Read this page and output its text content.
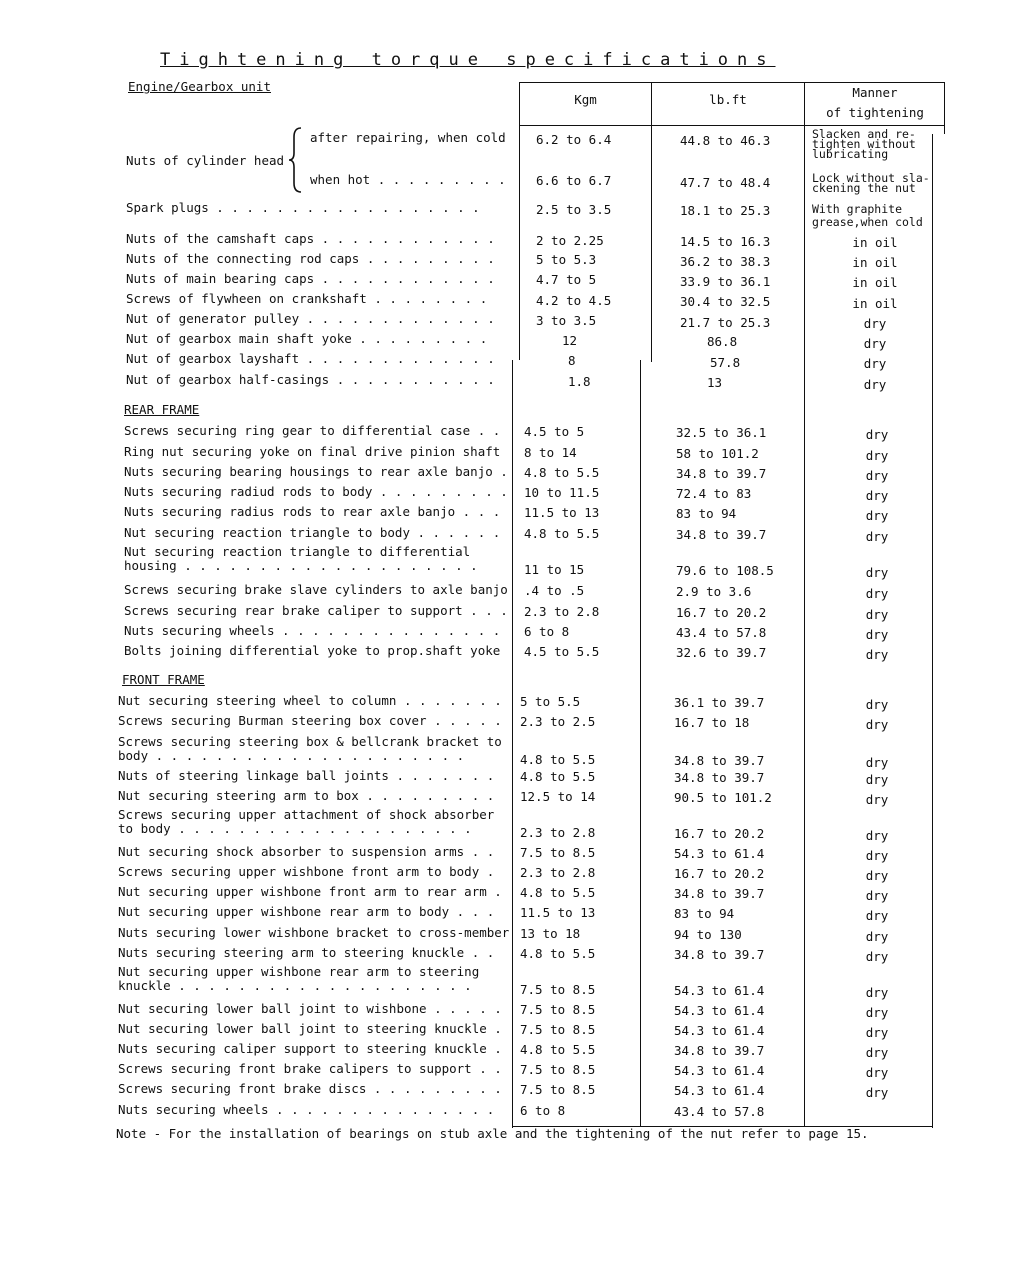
Tightening torque specifications
Engine/Gearbox unit
Kgm	lb.ft	Manner
of tightening
Nuts of cylinder head
after repairing, when cold 6.2 to 6.4	44.8 to 46.3	Slacken and re- tighten without lubricating
when hot . . . . . . . . . 6.6 to 6.7	47.7 to 48.4	Lock without sla- ckening the nut
Spark plugs . . . . . . . . . . . . . . . . . .	2.5 to 3.5	18.1 to 25.3	With graphite grease,when cold
Nuts of the camshaft caps . . . . . . . . . . . .	2 to 2.25	14.5 to 16.3	in oil
Nuts of the connecting rod caps . . . . . . . . .	5 to 5.3	36.2 to 38.3	in oil
Nuts of main bearing caps . . . . . . . . . . . .	4.7 to 5	33.9 to 36.1	in oil
Screws of flywheen on crankshaft . . . . . . . .	4.2 to 4.5	30.4 to 32.5	in oil
Nut of generator pulley . . . . . . . . . . . . .	3 to 3.5	21.7 to 25.3	dry
Nut of gearbox main shaft yoke . . . . . . . . .	12	86.8	dry
Nut of gearbox layshaft . . . . . . . . . . . . .	8	57.8	dry
Nut of gearbox half-casings . . . . . . . . . . .	1.8	13	dry
REAR FRAME
FRONT FRAME
Note - For the installation of bearings on stub axle and the tightening of the nut refer to page 15.
Screws securing ring gear to differential case . . 4.5 to 5	32.5 to 36.1	dry
Ring nut securing yoke on final drive pinion shaft 8 to 14	58 to 101.2	dry
Nuts securing bearing housings to rear axle banjo . 4.8 to 5.5	34.8 to 39.7	dry
Nuts securing radiud rods to body . . . . . . . . . 10 to 11.5	72.4 to 83	dry
Nuts securing radius rods to rear axle banjo . . . 11.5 to 13	83 to 94	dry
Nut securing reaction triangle to body . . . . . . 4.8 to 5.5	34.8 to 39.7	dry
Nut securing reaction triangle to differential
housing . . . . . . . . . . . . . . . . . . . .	11 to 15	79.6 to 108.5	dry
Screws securing brake slave cylinders to axle banjo .4 to .5	2.9 to 3.6	dry
Screws securing rear brake caliper to support . . . 2.3 to 2.8	16.7 to 20.2	dry
Nuts securing wheels . . . . . . . . . . . . . . . 6 to 8	43.4 to 57.8	dry
Bolts joining differential yoke to prop.shaft yoke 4.5 to 5.5	32.6 to 39.7	dry
Nut securing steering wheel to column . . . . . . . 5 to 5.5	36.1 to 39.7	dry
Screws securing Burman steering box cover . . . . . 2.3 to 2.5	16.7 to 18	dry
Screws securing steering box & bellcrank bracket to
body . . . . . . . . . . . . . . . . . . . . .	4.8 to 5.5	34.8 to 39.7	dry
Nuts of steering linkage ball joints . . . . . . . 4.8 to 5.5	34.8 to 39.7	dry
Nut securing steering arm to box . . . . . . . . . 12.5 to 14	90.5 to 101.2	dry
Screws securing upper attachment of shock absorber
to body . . . . . . . . . . . . . . . . . . . .	2.3 to 2.8	16.7 to 20.2	dry
Nut securing shock absorber to suspension arms . . 7.5 to 8.5	54.3 to 61.4	dry
Screws securing upper wishbone front arm to body . 2.3 to 2.8	16.7 to 20.2	dry
Nut securing upper wishbone front arm to rear arm . 4.8 to 5.5	34.8 to 39.7	dry
Nut securing upper wishbone rear arm to body . . . 11.5 to 13	83 to 94	dry
Nuts securing lower wishbone bracket to cross-member 13 to 18	94 to 130	dry
Nuts securing steering arm to steering knuckle . . 4.8 to 5.5	34.8 to 39.7	dry
Nut securing upper wishbone rear arm to steering
knuckle . . . . . . . . . . . . . . . . . . . .	7.5 to 8.5	54.3 to 61.4	dry
Nut securing lower ball joint to wishbone . . . . . 7.5 to 8.5	54.3 to 61.4	dry
Nut securing lower ball joint to steering knuckle . 7.5 to 8.5	54.3 to 61.4	dry
Nuts securing caliper support to steering knuckle . 4.8 to 5.5	34.8 to 39.7	dry
Screws securing front brake calipers to support . . 7.5 to 8.5	54.3 to 61.4	dry
Screws securing front brake discs . . . . . . . . . 7.5 to 8.5	54.3 to 61.4	dry
Nuts securing wheels . . . . . . . . . . . . . . . 6 to 8	43.4 to 57.8
